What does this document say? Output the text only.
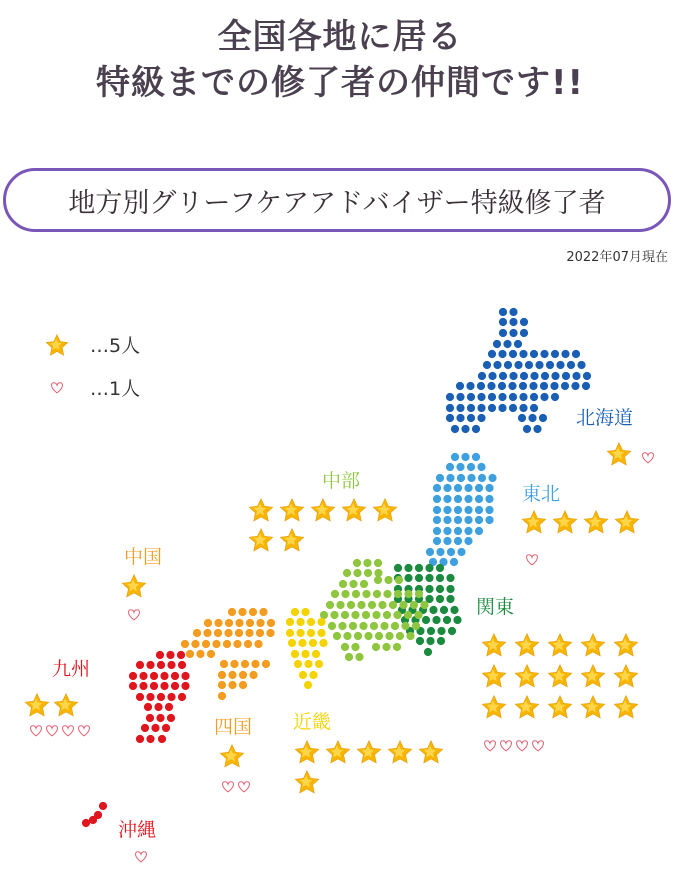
全国各地に居る
特級までの修了者の仲間です!!
地方別グリーフケアアドバイザー特級修了者
2022年07月現在
…5人
…1人
北海道
東北
関東
中部
近畿
中国
四国
九州
沖縄
